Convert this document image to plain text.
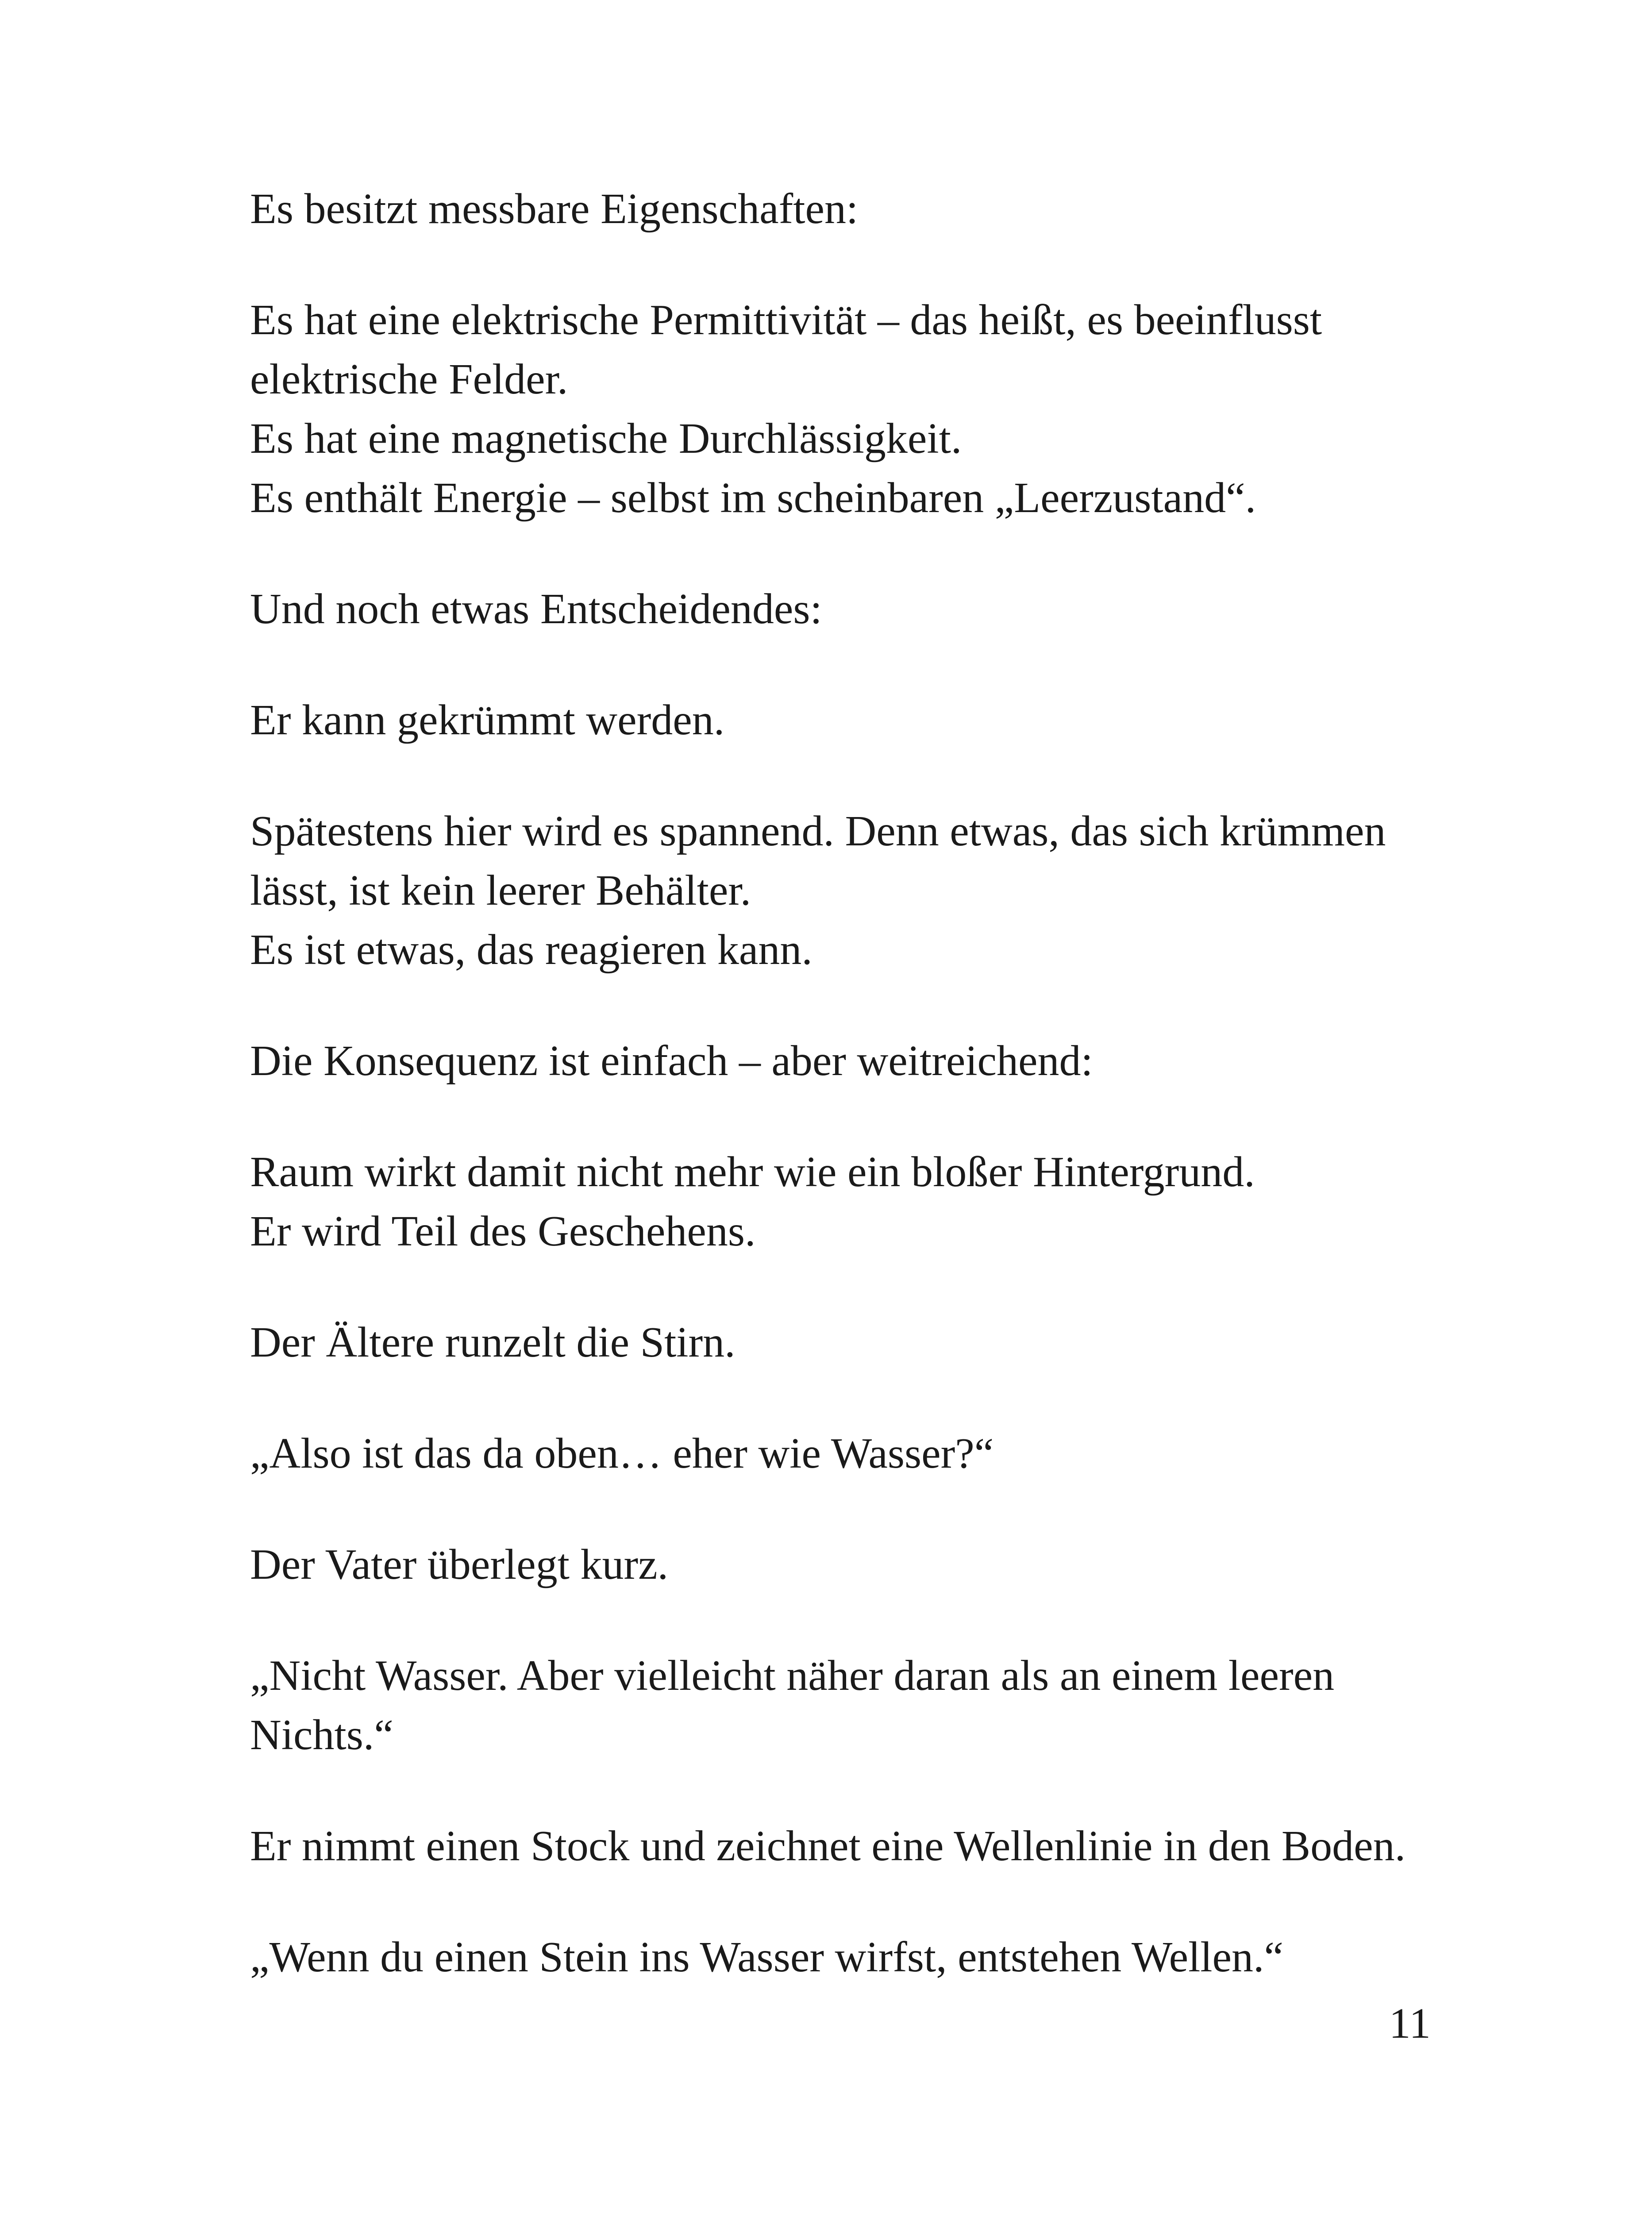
Es besitzt messbare Eigenschaften:

Es hat eine elektrische Permittivität – das heißt, es beeinflusst
elektrische Felder.
Es hat eine magnetische Durchlässigkeit.
Es enthält Energie – selbst im scheinbaren „Leerzustand“.

Und noch etwas Entscheidendes:

Er kann gekrümmt werden.

Spätestens hier wird es spannend. Denn etwas, das sich krümmen
lässt, ist kein leerer Behälter.
Es ist etwas, das reagieren kann.

Die Konsequenz ist einfach – aber weitreichend:

Raum wirkt damit nicht mehr wie ein bloßer Hintergrund.
Er wird Teil des Geschehens.

Der Ältere runzelt die Stirn.

„Also ist das da oben… eher wie Wasser?“

Der Vater überlegt kurz.

„Nicht Wasser. Aber vielleicht näher daran als an einem leeren
Nichts.“

Er nimmt einen Stock und zeichnet eine Wellenlinie in den Boden.

„Wenn du einen Stein ins Wasser wirfst, entstehen Wellen.“

11
